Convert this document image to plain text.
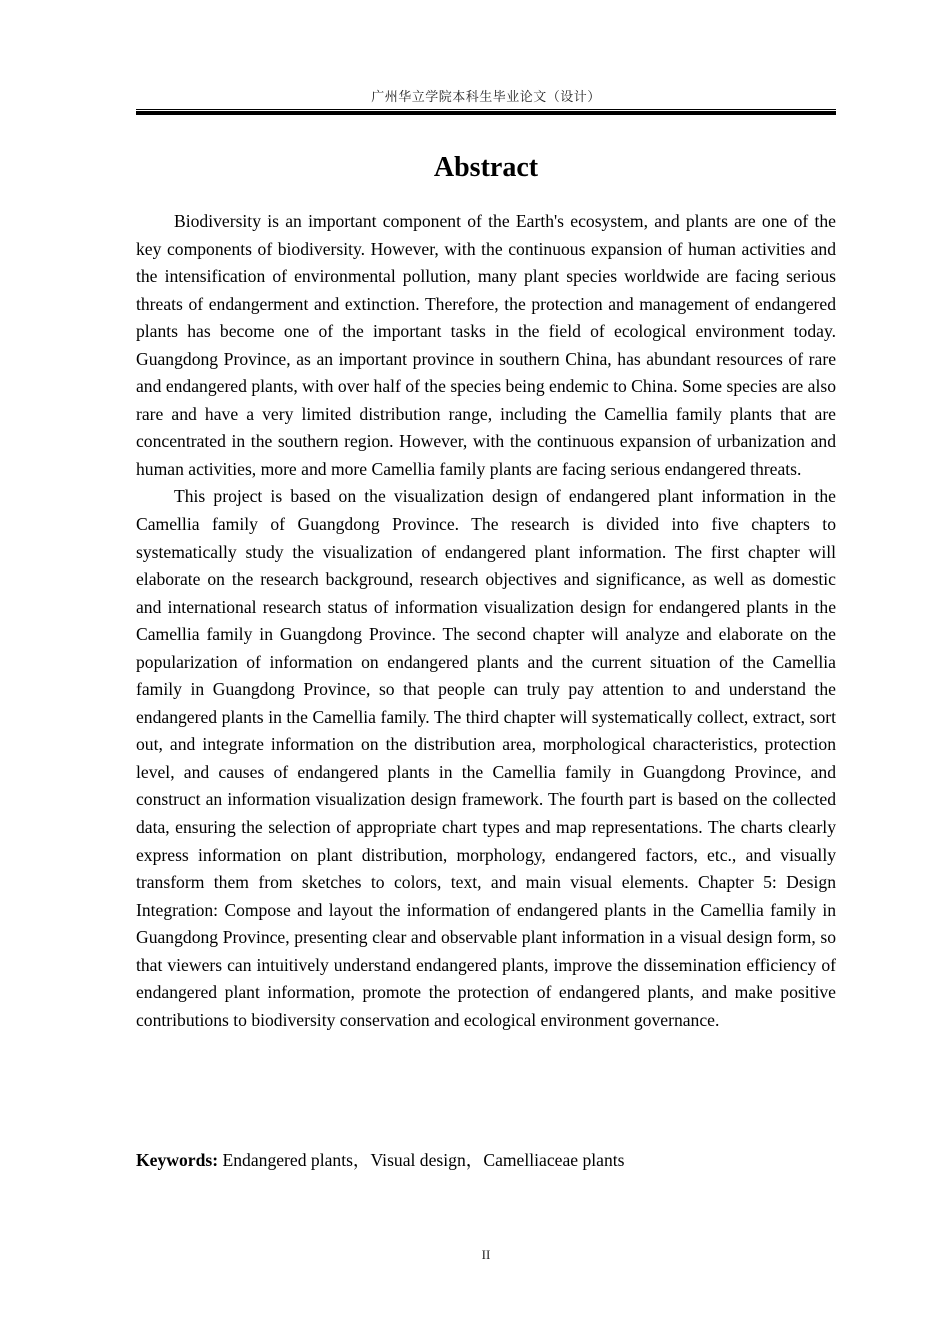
广州华立学院本科生毕业论文（设计）
Abstract

Biodiversity is an important component of the Earth's ecosystem, and plants are one of the key components of biodiversity. However, with the continuous expansion of human activities and the intensification of environmental pollution, many plant species worldwide are facing serious threats of endangerment and extinction. Therefore, the protection and management of endangered plants has become one of the important tasks in the field of ecological environment today. Guangdong Province, as an important province in southern China, has abundant resources of rare and endangered plants, with over half of the species being endemic to China. Some species are also rare and have a very limited distribution range, including the Camellia family plants that are concentrated in the southern region. However, with the continuous expansion of urbanization and human activities, more and more Camellia family plants are facing serious endangered threats.

This project is based on the visualization design of endangered plant information in the Camellia family of Guangdong Province. The research is divided into five chapters to systematically study the visualization of endangered plant information. The first chapter will elaborate on the research background, research objectives and significance, as well as domestic and international research status of information visualization design for endangered plants in the Camellia family in Guangdong Province. The second chapter will analyze and elaborate on the popularization of information on endangered plants and the current situation of the Camellia family in Guangdong Province, so that people can truly pay attention to and understand the endangered plants in the Camellia family. The third chapter will systematically collect, extract, sort out, and integrate information on the distribution area, morphological characteristics, protection level, and causes of endangered plants in the Camellia family in Guangdong Province, and construct an information visualization design framework. The fourth part is based on the collected data, ensuring the selection of appropriate chart types and map representations. The charts clearly express information on plant distribution, morphology, endangered factors, etc., and visually transform them from sketches to colors, text, and main visual elements. Chapter 5: Design Integration: Compose and layout the information of endangered plants in the Camellia family in Guangdong Province, presenting clear and observable plant information in a visual design form, so that viewers can intuitively understand endangered plants, improve the dissemination efficiency of endangered plant information, promote the protection of endangered plants, and make positive contributions to biodiversity conservation and ecological environment governance.

Keywords: Endangered plants，Visual design，Camelliaceae plants
II
